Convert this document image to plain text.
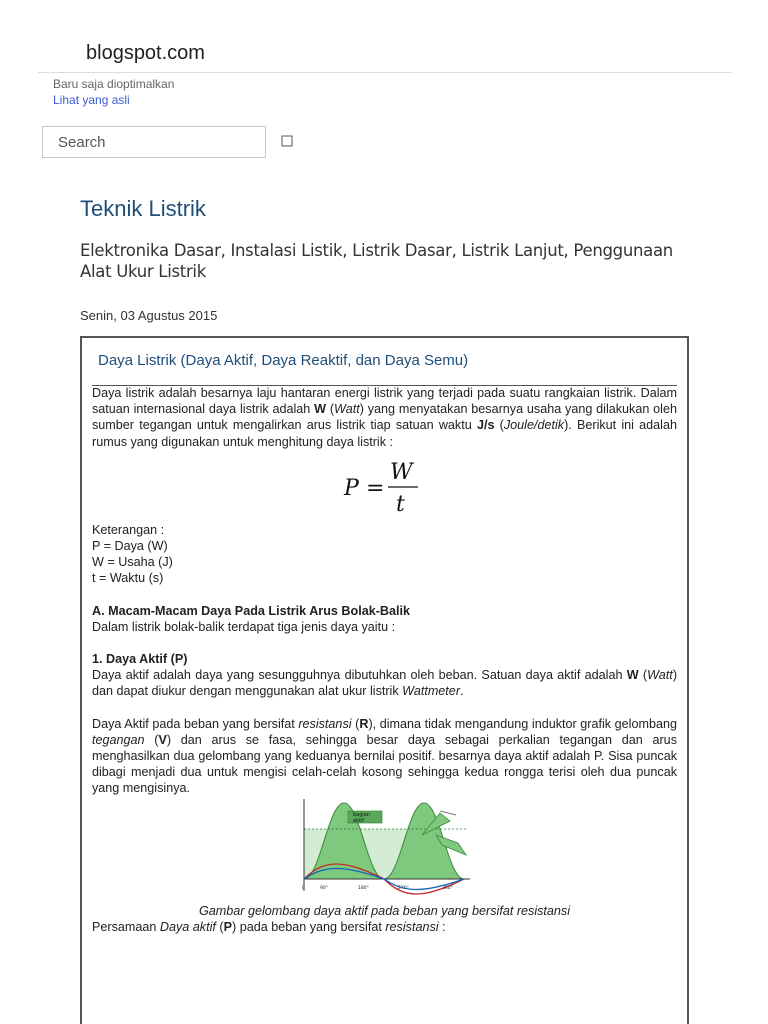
blogspot.com
Baru saja dioptimalkan
Lihat yang asli
Search
Teknik Listrik
Elektronika Dasar, Instalasi Listik, Listrik Dasar, Listrik Lanjut, Penggunaan Alat Ukur Listrik
Senin, 03 Agustus 2015
Daya Listrik (Daya Aktif, Daya Reaktif, dan Daya Semu)

Daya listrik adalah besarnya laju hantaran energi listrik yang terjadi pada suatu rangkaian listrik. Dalam satuan internasional daya listrik adalah W (Watt) yang menyatakan besarnya usaha yang dilakukan oleh sumber tegangan untuk mengalirkan arus listrik tiap satuan waktu J/s (Joule/detik). Berikut ini adalah rumus yang digunakan untuk menghitung daya listrik :

P =
W
t
Keterangan :
P = Daya (W)
W = Usaha (J)
t = Waktu (s)
A. Macam-Macam Daya Pada Listrik Arus Bolak-Balik
Dalam listrik bolak-balik terdapat tiga jenis daya yaitu :
1. Daya Aktif (P)

Daya aktif adalah daya yang sesungguhnya dibutuhkan oleh beban. Satuan daya aktif adalah W (Watt) dan dapat diukur dengan menggunakan alat ukur listrik Wattmeter.

Daya Aktif pada beban yang bersifat resistansi (R), dimana tidak mengandung induktor grafik gelombang tegangan (V) dan arus se fasa, sehingga besar daya sebagai perkalian tegangan dan arus menghasilkan dua gelombang yang keduanya bernilai positif. besarnya daya aktif adalah P. Sisa puncak dibagi menjadi dua untuk mengisi celah-celah kosong sehingga kedua rongga terisi oleh dua puncak yang mengisinya.

bagian
aktif
0	90°	180°	270°	360°
Gambar gelombang daya aktif pada beban yang bersifat resistansi

Persamaan Daya aktif (P) pada beban yang bersifat resistansi :
